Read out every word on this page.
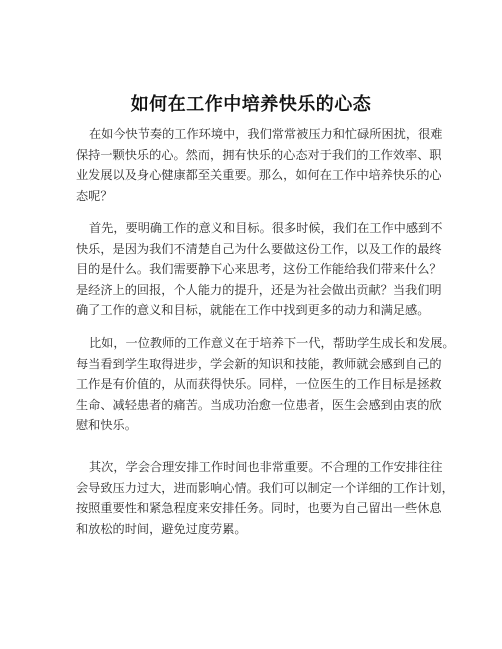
如何在工作中培养快乐的心态

在如今快节奏的工作环境中，我们常常被压力和忙碌所困扰，很难
保持一颗快乐的心。然而，拥有快乐的心态对于我们的工作效率、职
业发展以及身心健康都至关重要。那么，如何在工作中培养快乐的心
态呢？

首先，要明确工作的意义和目标。很多时候，我们在工作中感到不
快乐，是因为我们不清楚自己为什么要做这份工作，以及工作的最终
目的是什么。我们需要静下心来思考，这份工作能给我们带来什么？
是经济上的回报，个人能力的提升，还是为社会做出贡献？当我们明
确了工作的意义和目标，就能在工作中找到更多的动力和满足感。

比如，一位教师的工作意义在于培养下一代，帮助学生成长和发展。
每当看到学生取得进步，学会新的知识和技能，教师就会感到自己的
工作是有价值的，从而获得快乐。同样，一位医生的工作目标是拯救
生命、减轻患者的痛苦。当成功治愈一位患者，医生会感到由衷的欣
慰和快乐。

其次，学会合理安排工作时间也非常重要。不合理的工作安排往往
会导致压力过大，进而影响心情。我们可以制定一个详细的工作计划，
按照重要性和紧急程度来安排任务。同时，也要为自己留出一些休息
和放松的时间，避免过度劳累。
